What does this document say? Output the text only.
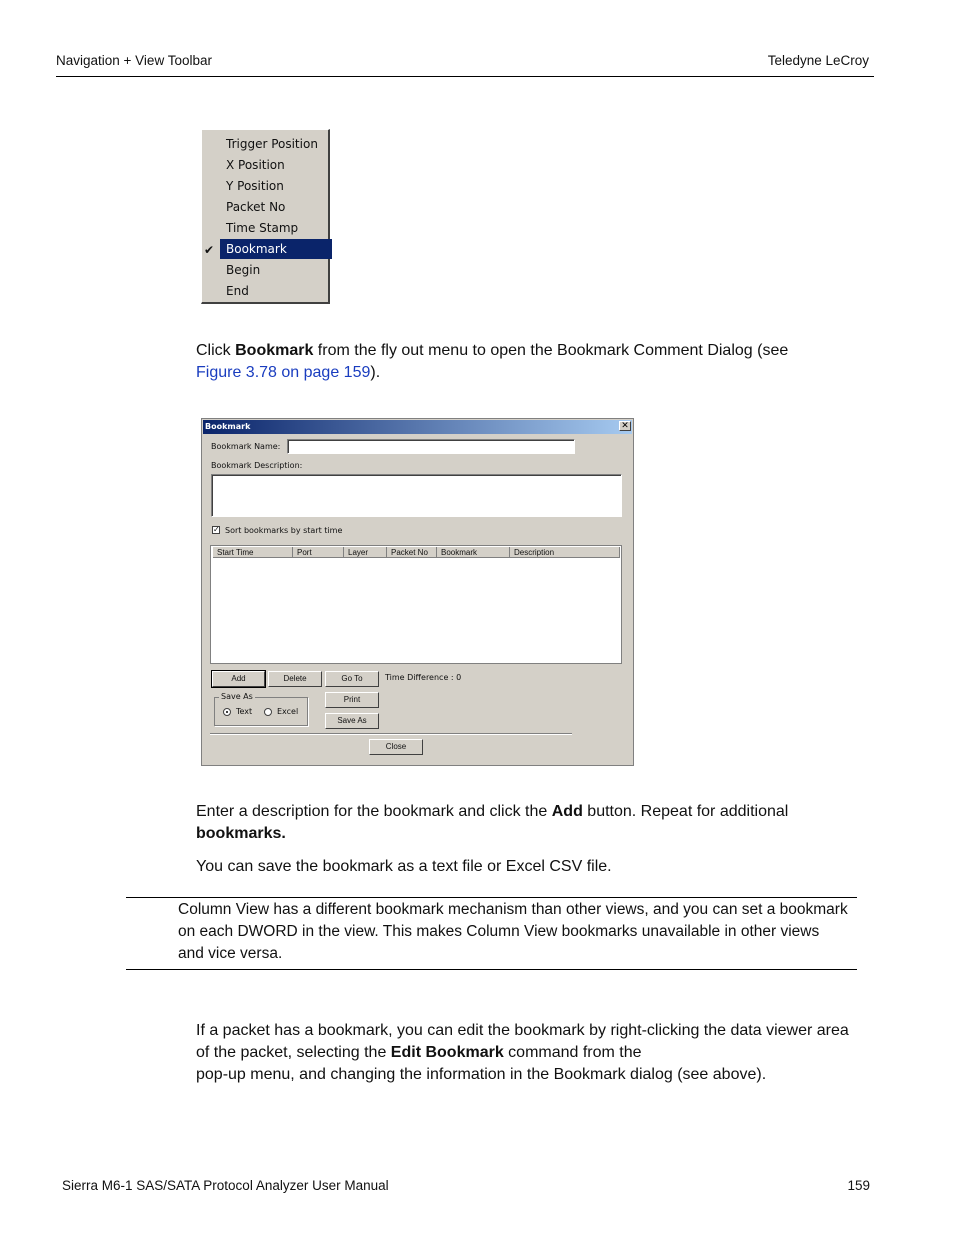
Navigation + View Toolbar	Teledyne LeCroy
Trigger Position
X Position
Y Position
Packet No
Time Stamp
✔ Bookmark
Begin
End
Click Bookmark from the fly out menu to open the Bookmark Comment Dialog (see
Figure 3.78 on page 159).
Bookmark	✕
Bookmark Name:
Bookmark Description:
✓ Sort bookmarks by start time
Start Time	Port	Layer	Packet No	Bookmark	Description
Add	Delete	Go To	Time Difference : 0
Save As
Text	Excel
Print
Save As
Close
Enter a description for the bookmark and click the Add button. Repeat for additional
bookmarks.
You can save the bookmark as a text file or Excel CSV file.
Column View has a different bookmark mechanism than other views, and you can set a bookmark on each DWORD in the view. This makes Column View bookmarks unavailable in other views and vice versa.
If a packet has a bookmark, you can edit the bookmark by right-clicking the data viewer area of the packet, selecting the Edit Bookmark command from the
pop-up menu, and changing the information in the Bookmark dialog (see above).
Sierra M6-1 SAS/SATA Protocol Analyzer User Manual	159
